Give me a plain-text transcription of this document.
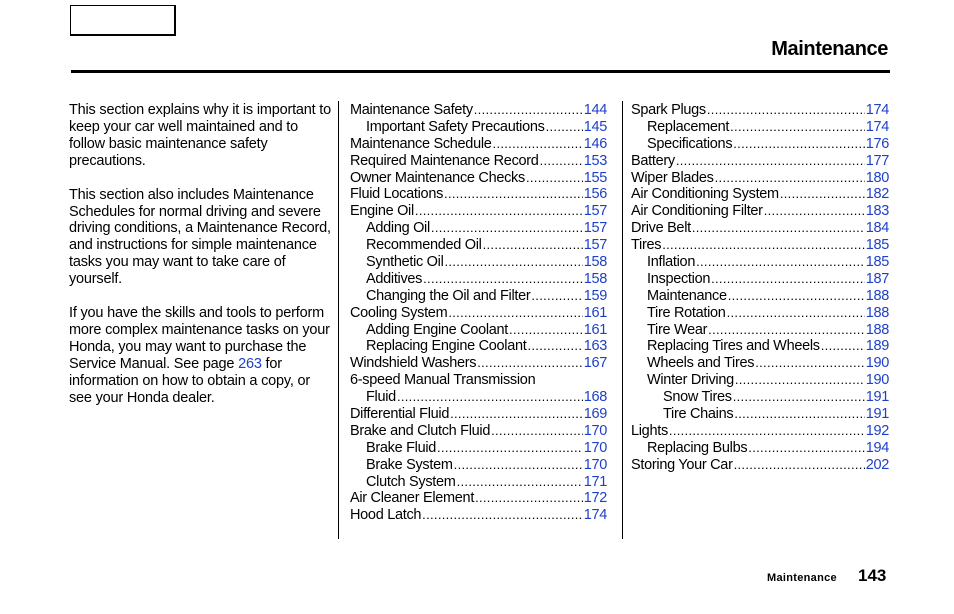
Maintenance

This section explains why it is important to keep your car well maintained and to follow basic maintenance safety precautions.

This section also includes Maintenance Schedules for normal driving and severe driving conditions, a Maintenance Record, and instructions for simple maintenance tasks you may want to take care of yourself.

If you have the skills and tools to perform more complex maintenance tasks on your Honda, you may want to purchase the Service Manual. See page 263 for information on how to obtain a copy, or see your Honda dealer.

Maintenance Safety .....	144
Important Safety Precautions .....	145
Maintenance Schedule .....	146
Required Maintenance Record .....	153
Owner Maintenance Checks .....	155
Fluid Locations .....	156
Engine Oil .....	157
Adding Oil .....	157
Recommended Oil .....	157
Synthetic Oil .....	158
Additives .....	158
Changing the Oil and Filter .....	159
Cooling System .....	161
Adding Engine Coolant .....	161
Replacing Engine Coolant .....	163
Windshield Washers .....	167
6-speed Manual Transmission
Fluid .....	168
Differential Fluid .....	169
Brake and Clutch Fluid .....	170
Brake Fluid .....	170
Brake System .....	170
Clutch System .....	171
Air Cleaner Element .....	172
Hood Latch .....	174
Spark Plugs .....	174
Replacement .....	174
Specifications .....	176
Battery .....	177
Wiper Blades .....	180
Air Conditioning System .....	182
Air Conditioning Filter .....	183
Drive Belt .....	184
Tires .....	185
Inflation .....	185
Inspection .....	187
Maintenance .....	188
Tire Rotation .....	188
Tire Wear .....	188
Replacing Tires and Wheels .....	189
Wheels and Tires .....	190
Winter Driving .....	190
Snow Tires .....	191
Tire Chains .....	191
Lights .....	192
Replacing Bulbs .....	194
Storing Your Car .....	202
Maintenance 143
